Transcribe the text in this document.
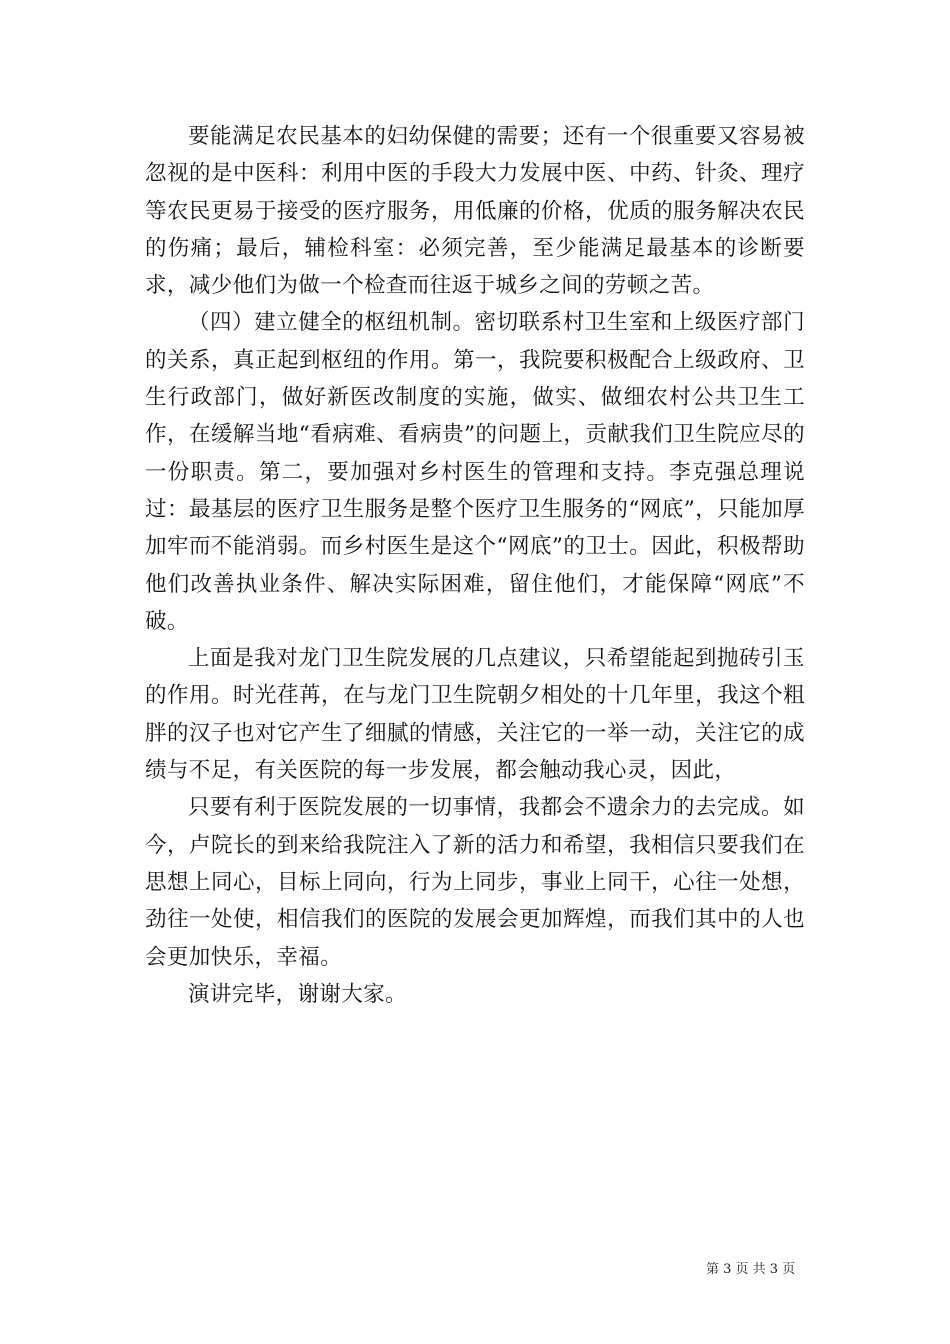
要能满足农民基本的妇幼保健的需要；还有一个很重要又容易被忽视的是中医科：利用中医的手段大力发展中医、中药、针灸、理疗等农民更易于接受的医疗服务，用低廉的价格，优质的服务解决农民的伤痛；最后，辅检科室：必须完善，至少能满足最基本的诊断要求，减少他们为做一个检查而往返于城乡之间的劳顿之苦。

（四）建立健全的枢纽机制。密切联系村卫生室和上级医疗部门的关系，真正起到枢纽的作用。第一，我院要积极配合上级政府、卫生行政部门，做好新医改制度的实施，做实、做细农村公共卫生工作，在缓解当地“看病难、看病贵”的问题上，贡献我们卫生院应尽的一份职责。第二，要加强对乡村医生的管理和支持。李克强总理说过：最基层的医疗卫生服务是整个医疗卫生服务的“网底”，只能加厚加牢而不能消弱。而乡村医生是这个“网底”的卫士。因此，积极帮助他们改善执业条件、解决实际困难，留住他们，才能保障“网底”不破。

上面是我对龙门卫生院发展的几点建议，只希望能起到抛砖引玉的作用。时光荏苒，在与龙门卫生院朝夕相处的十几年里，我这个粗胖的汉子也对它产生了细腻的情感，关注它的一举一动，关注它的成绩与不足，有关医院的每一步发展，都会触动我心灵，因此，

只要有利于医院发展的一切事情，我都会不遗余力的去完成。如今，卢院长的到来给我院注入了新的活力和希望，我相信只要我们在思想上同心，目标上同向，行为上同步，事业上同干，心往一处想，劲往一处使，相信我们的医院的发展会更加辉煌，而我们其中的人也会更加快乐，幸福。

演讲完毕，谢谢大家。

第 3 页 共 3 页
